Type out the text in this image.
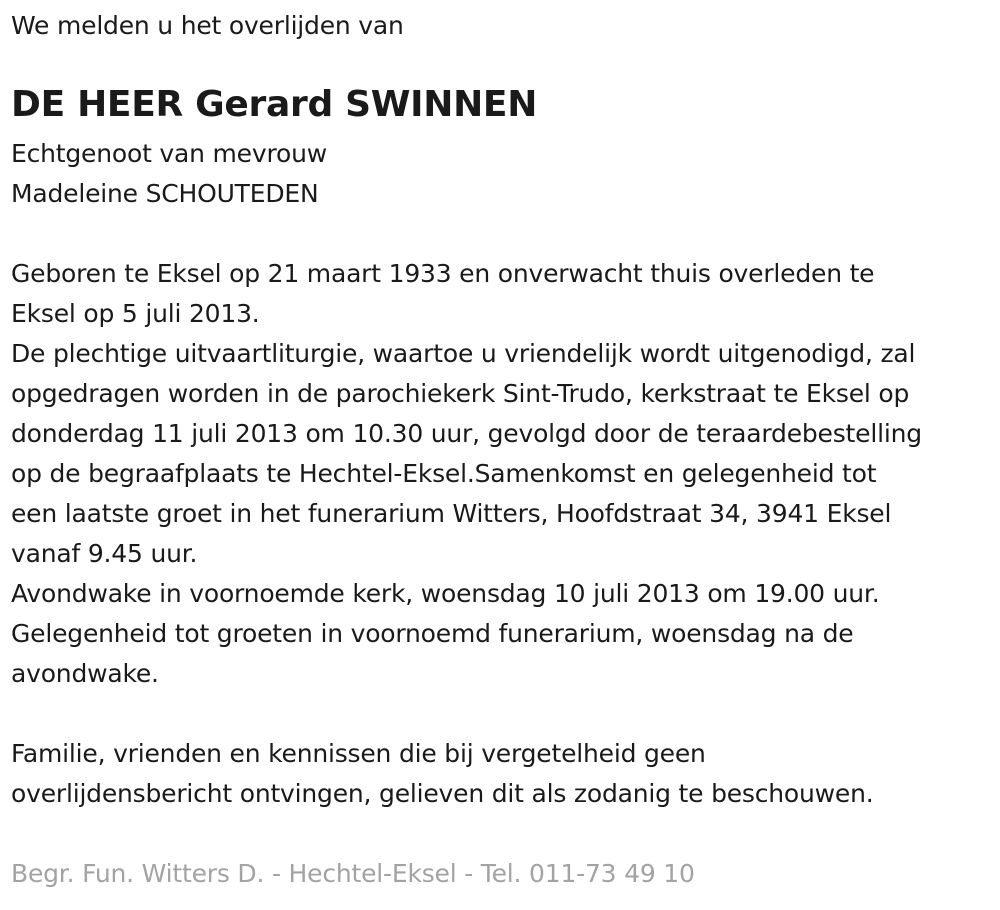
We melden u het overlijden van
DE HEER Gerard SWINNEN
Echtgenoot van mevrouw
Madeleine SCHOUTEDEN
Geboren te Eksel op 21 maart 1933 en onverwacht thuis overleden te
Eksel op 5 juli 2013.
De plechtige uitvaartliturgie, waartoe u vriendelijk wordt uitgenodigd, zal
opgedragen worden in de parochiekerk Sint-Trudo, kerkstraat te Eksel op
donderdag 11 juli 2013 om 10.30 uur, gevolgd door de teraardebestelling
op de begraafplaats te Hechtel-Eksel.Samenkomst en gelegenheid tot
een laatste groet in het funerarium Witters, Hoofdstraat 34, 3941 Eksel
vanaf 9.45 uur.
Avondwake in voornoemde kerk, woensdag 10 juli 2013 om 19.00 uur.
Gelegenheid tot groeten in voornoemd funerarium, woensdag na de
avondwake.
Familie, vrienden en kennissen die bij vergetelheid geen
overlijdensbericht ontvingen, gelieven dit als zodanig te beschouwen.
Begr. Fun. Witters D. - Hechtel-Eksel - Tel. 011-73 49 10
